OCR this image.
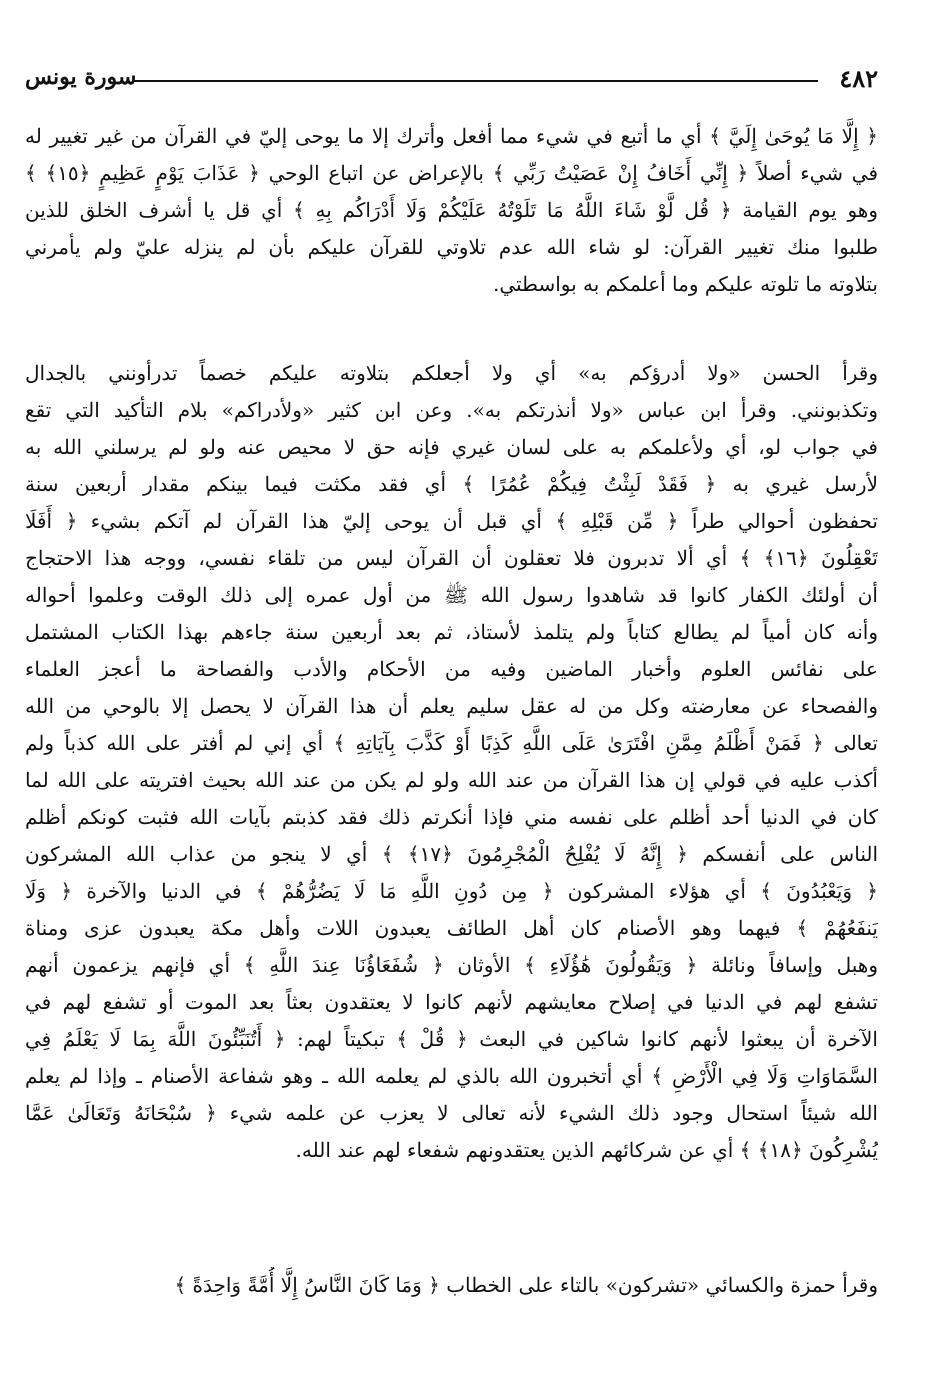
٤٨٢
سورة يونس
﴿ إِلَّا مَا يُوحَىٰ إِلَيَّ ﴾ أي ما أتبع في شيء مما أفعل وأترك إلا ما يوحى إليّ في القرآن من غير تغيير له
في شيء أصلاً ﴿ إِنِّي أَخَافُ إِنْ عَصَيْتُ رَبِّي ﴾ بالإعراض عن اتباع الوحي ﴿ عَذَابَ يَوْمٍ عَظِيمٍ ﴿١٥﴾ ﴾
وهو يوم القيامة ﴿ قُل لَّوْ شَاءَ اللَّهُ مَا تَلَوْتُهُ عَلَيْكُمْ وَلَا أَدْرَاكُم بِهِ ﴾ أي قل يا أشرف الخلق للذين
طلبوا منك تغيير القرآن: لو شاء الله عدم تلاوتي للقرآن عليكم بأن لم ينزله عليّ ولم يأمرني
بتلاوته ما تلوته عليكم وما أعلمكم به بواسطتي.
وقرأ الحسن «ولا أدرؤكم به» أي ولا أجعلكم بتلاوته عليكم خصماً تدرأونني بالجدال
وتكذبونني. وقرأ ابن عباس «ولا أنذرتكم به». وعن ابن كثير «ولأدراكم» بلام التأكيد التي تقع
في جواب لو، أي ولأعلمكم به على لسان غيري فإنه حق لا محيص عنه ولو لم يرسلني الله به
لأرسل غيري به ﴿ فَقَدْ لَبِثْتُ فِيكُمْ عُمُرًا ﴾ أي فقد مكثت فيما بينكم مقدار أربعين سنة
تحفظون أحوالي طراً ﴿ مِّن قَبْلِهِ ﴾ أي قبل أن يوحى إليّ هذا القرآن لم آتكم بشيء ﴿ أَفَلَا
تَعْقِلُونَ ﴿١٦﴾ ﴾ أي ألا تدبرون فلا تعقلون أن القرآن ليس من تلقاء نفسي، ووجه هذا الاحتجاج
أن أولئك الكفار كانوا قد شاهدوا رسول الله ﷺ من أول عمره إلى ذلك الوقت وعلموا أحواله
وأنه كان أمياً لم يطالع كتاباً ولم يتلمذ لأستاذ، ثم بعد أربعين سنة جاءهم بهذا الكتاب المشتمل
على نفائس العلوم وأخبار الماضين وفيه من الأحكام والأدب والفصاحة ما أعجز العلماء
والفصحاء عن معارضته وكل من له عقل سليم يعلم أن هذا القرآن لا يحصل إلا بالوحي من الله
تعالى ﴿ فَمَنْ أَظْلَمُ مِمَّنِ افْتَرَىٰ عَلَى اللَّهِ كَذِبًا أَوْ كَذَّبَ بِآيَاتِهِ ﴾ أي إني لم أفتر على الله كذباً ولم
أكذب عليه في قولي إن هذا القرآن من عند الله ولو لم يكن من عند الله بحيث افتريته على الله لما
كان في الدنيا أحد أظلم على نفسه مني فإذا أنكرتم ذلك فقد كذبتم بآيات الله فثبت كونكم أظلم
الناس على أنفسكم ﴿ إِنَّهُ لَا يُفْلِحُ الْمُجْرِمُونَ ﴿١٧﴾ ﴾ أي لا ينجو من عذاب الله المشركون
﴿ وَيَعْبُدُونَ ﴾ أي هؤلاء المشركون ﴿ مِن دُونِ اللَّهِ مَا لَا يَضُرُّهُمْ ﴾ في الدنيا والآخرة ﴿ وَلَا
يَنفَعُهُمْ ﴾ فيهما وهو الأصنام كان أهل الطائف يعبدون اللات وأهل مكة يعبدون عزى ومناة
وهبل وإسافاً ونائلة ﴿ وَيَقُولُونَ هَٰؤُلَاءِ ﴾ الأوثان ﴿ شُفَعَاؤُنَا عِندَ اللَّهِ ﴾ أي فإنهم يزعمون أنهم
تشفع لهم في الدنيا في إصلاح معايشهم لأنهم كانوا لا يعتقدون بعثاً بعد الموت أو تشفع لهم في
الآخرة أن يبعثوا لأنهم كانوا شاكين في البعث ﴿ قُلْ ﴾ تبكيتاً لهم: ﴿ أَتُنَبِّئُونَ اللَّهَ بِمَا لَا يَعْلَمُ فِي
السَّمَاوَاتِ وَلَا فِي الْأَرْضِ ﴾ أي أتخبرون الله بالذي لم يعلمه الله ـ وهو شفاعة الأصنام ـ وإذا لم يعلم
الله شيئاً استحال وجود ذلك الشيء لأنه تعالى لا يعزب عن علمه شيء ﴿ سُبْحَانَهُ وَتَعَالَىٰ عَمَّا
يُشْرِكُونَ ﴿١٨﴾ ﴾ أي عن شركائهم الذين يعتقدونهم شفعاء لهم عند الله.
وقرأ حمزة والكسائي «تشركون» بالتاء على الخطاب ﴿ وَمَا كَانَ النَّاسُ إِلَّا أُمَّةً وَاحِدَةً ﴾
